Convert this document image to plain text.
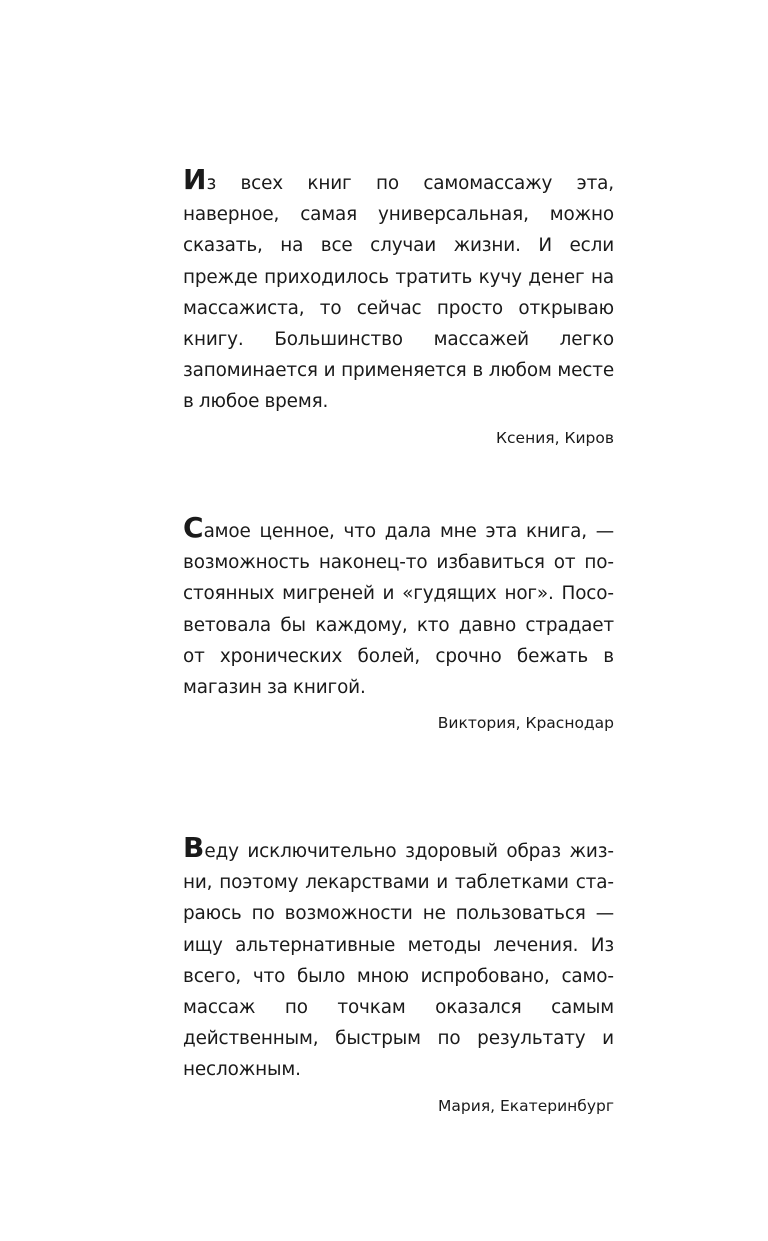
Из всех книг по самомассажу эта, наверное, самая универсальная, можно сказать, на все случаи жизни. И если прежде приходилось тратить кучу денег на массажиста, то сейчас просто открываю книгу. Большинство массажей легко запоминается и применяется в любом месте в любое время.

Ксения, Киров

Самое ценное, что дала мне эта книга, — возможность наконец-то избавиться от постоянных мигреней и «гудящих ног». Посоветовала бы каждому, кто давно страдает от хронических болей, срочно бежать в магазин за книгой.

Виктория, Краснодар

Веду исключительно здоровый образ жизни, поэтому лекарствами и таблетками стараюсь по возможности не пользоваться — ищу альтернативные методы лечения. Из всего, что было мною испробовано, самомассаж по точкам оказался самым действенным, быстрым по результату и несложным.

Мария, Екатеринбург
